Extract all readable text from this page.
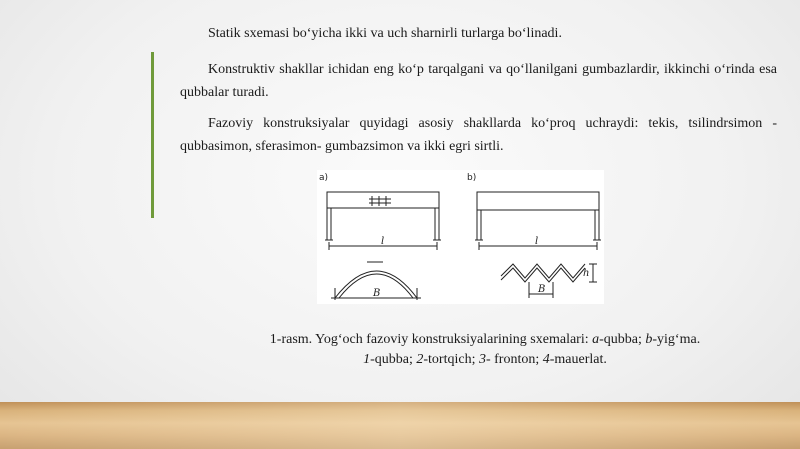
Statik sxemasi bo‘yicha ikki va uch sharnirli turlarga bo‘linadi.

Konstruktiv shakllar ichidan eng ko‘p tarqalgani va qo‘llanilgani gumbazlardir, ikkinchi o‘rinda esa qubbalar turadi.

Fazoviy konstruksiyalar quyidagi asosiy shakllarda ko‘proq uchraydi: tekis, tsilindrsimon - qubbasimon, sferasimon- gumbazsimon va ikki egri sirtli.

a)	b)
l	l
B	B
h
1-rasm. Yog‘och fazoviy konstruksiyalarining sxemalari: a-qubba; b-yig‘ma.
1-qubba; 2-tortqich; 3- fronton; 4-mauerlat.
